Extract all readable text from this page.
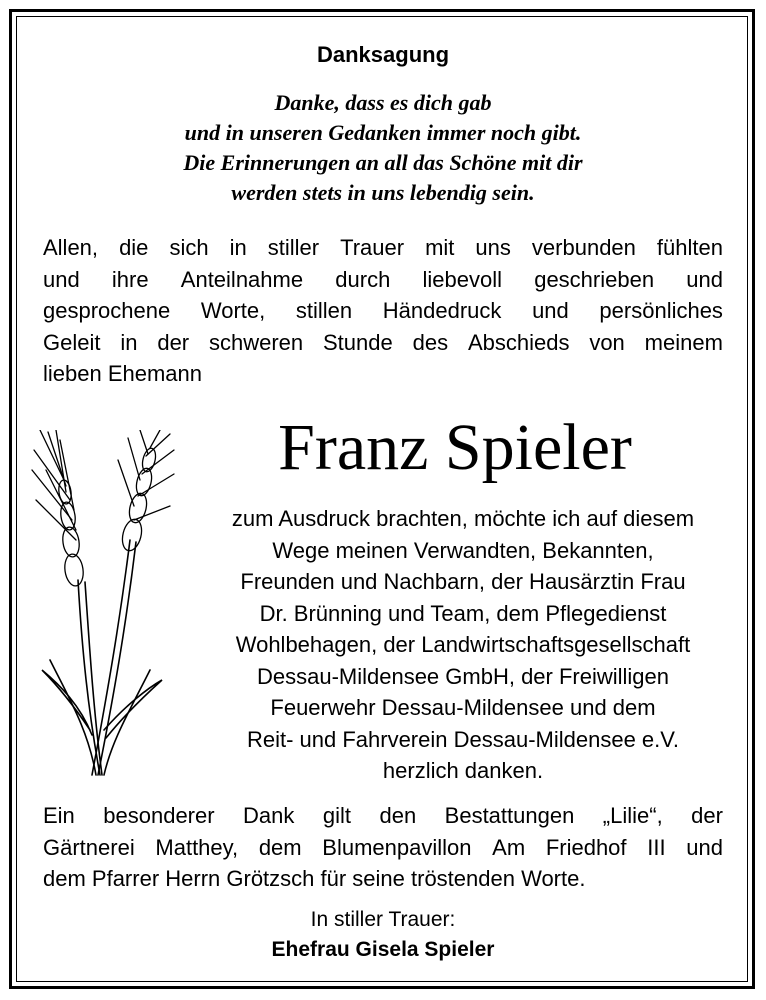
Danksagung
Danke, dass es dich gab
und in unseren Gedanken immer noch gibt.
Die Erinnerungen an all das Schöne mit dir
werden stets in uns lebendig sein.
Allen, die sich in stiller Trauer mit uns verbunden fühlten
und ihre Anteilnahme durch liebevoll geschrieben und
gesprochene Worte, stillen Händedruck und persönliches
Geleit in der schweren Stunde des Abschieds von meinem
lieben Ehemann
Franz Spieler
zum Ausdruck brachten, möchte ich auf diesem
Wege meinen Verwandten, Bekannten,
Freunden und Nachbarn, der Hausärztin Frau
Dr. Brünning und Team, dem Pflegedienst
Wohlbehagen, der Landwirtschaftsgesellschaft
Dessau-Mildensee GmbH, der Freiwilligen
Feuerwehr Dessau-Mildensee und dem
Reit- und Fahrverein Dessau-Mildensee e.V.
herzlich danken.
Ein besonderer Dank gilt den Bestattungen „Lilie“, der
Gärtnerei Matthey, dem Blumenpavillon Am Friedhof III und
dem Pfarrer Herrn Grötzsch für seine tröstenden Worte.
In stiller Trauer:
Ehefrau Gisela Spieler
